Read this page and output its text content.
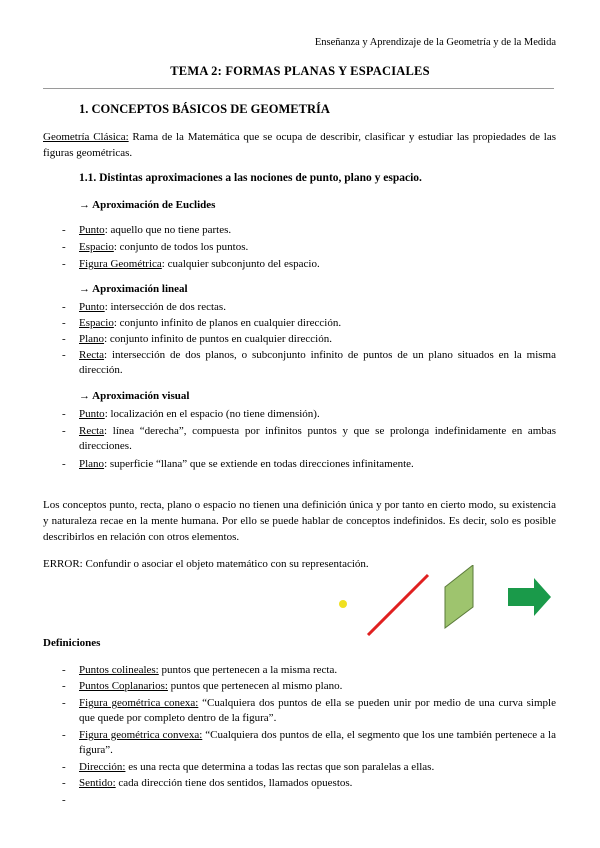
Enseñanza y Aprendizaje de la Geometría y de la Medida
TEMA 2: FORMAS PLANAS Y ESPACIALES
1. CONCEPTOS BÁSICOS DE GEOMETRÍA
Geometría Clásica: Rama de la Matemática que se ocupa de describir, clasificar y estudiar las propiedades de las figuras geométricas.
1.1. Distintas aproximaciones a las nociones de punto, plano y espacio.
→ Aproximación de Euclides
- Punto: aquello que no tiene partes.
- Espacio: conjunto de todos los puntos.
- Figura Geométrica: cualquier subconjunto del espacio.
→ Aproximación lineal
- Punto: intersección de dos rectas.
- Espacio: conjunto infinito de planos en cualquier dirección.
- Plano: conjunto infinito de puntos en cualquier dirección.
- Recta: intersección de dos planos, o subconjunto infinito de puntos de un plano situados en la misma dirección.
→ Aproximación visual
- Punto: localización en el espacio (no tiene dimensión).
- Recta: línea “derecha”, compuesta por infinitos puntos y que se prolonga indefinidamente en ambas direcciones.
- Plano: superficie “llana” que se extiende en todas direcciones infinitamente.
Los conceptos punto, recta, plano o espacio no tienen una definición única y por tanto en cierto modo, su existencia y naturaleza recae en la mente humana. Por ello se puede hablar de conceptos indefinidos. Es decir, solo es posible describirlos en relación con otros elementos.
ERROR: Confundir o asociar el objeto matemático con su representación.
Definiciones
- Puntos colineales: puntos que pertenecen a la misma recta.
- Puntos Coplanarios: puntos que pertenecen al mismo plano.
- Figura geométrica conexa: “Cualquiera dos puntos de ella se pueden unir por medio de una curva simple que quede por completo dentro de la figura”.
- Figura geométrica convexa: “Cualquiera dos puntos de ella, el segmento que los une también pertenece a la figura”.
- Dirección: es una recta que determina a todas las rectas que son paralelas a ellas.
- Sentido: cada dirección tiene dos sentidos, llamados opuestos.
-
